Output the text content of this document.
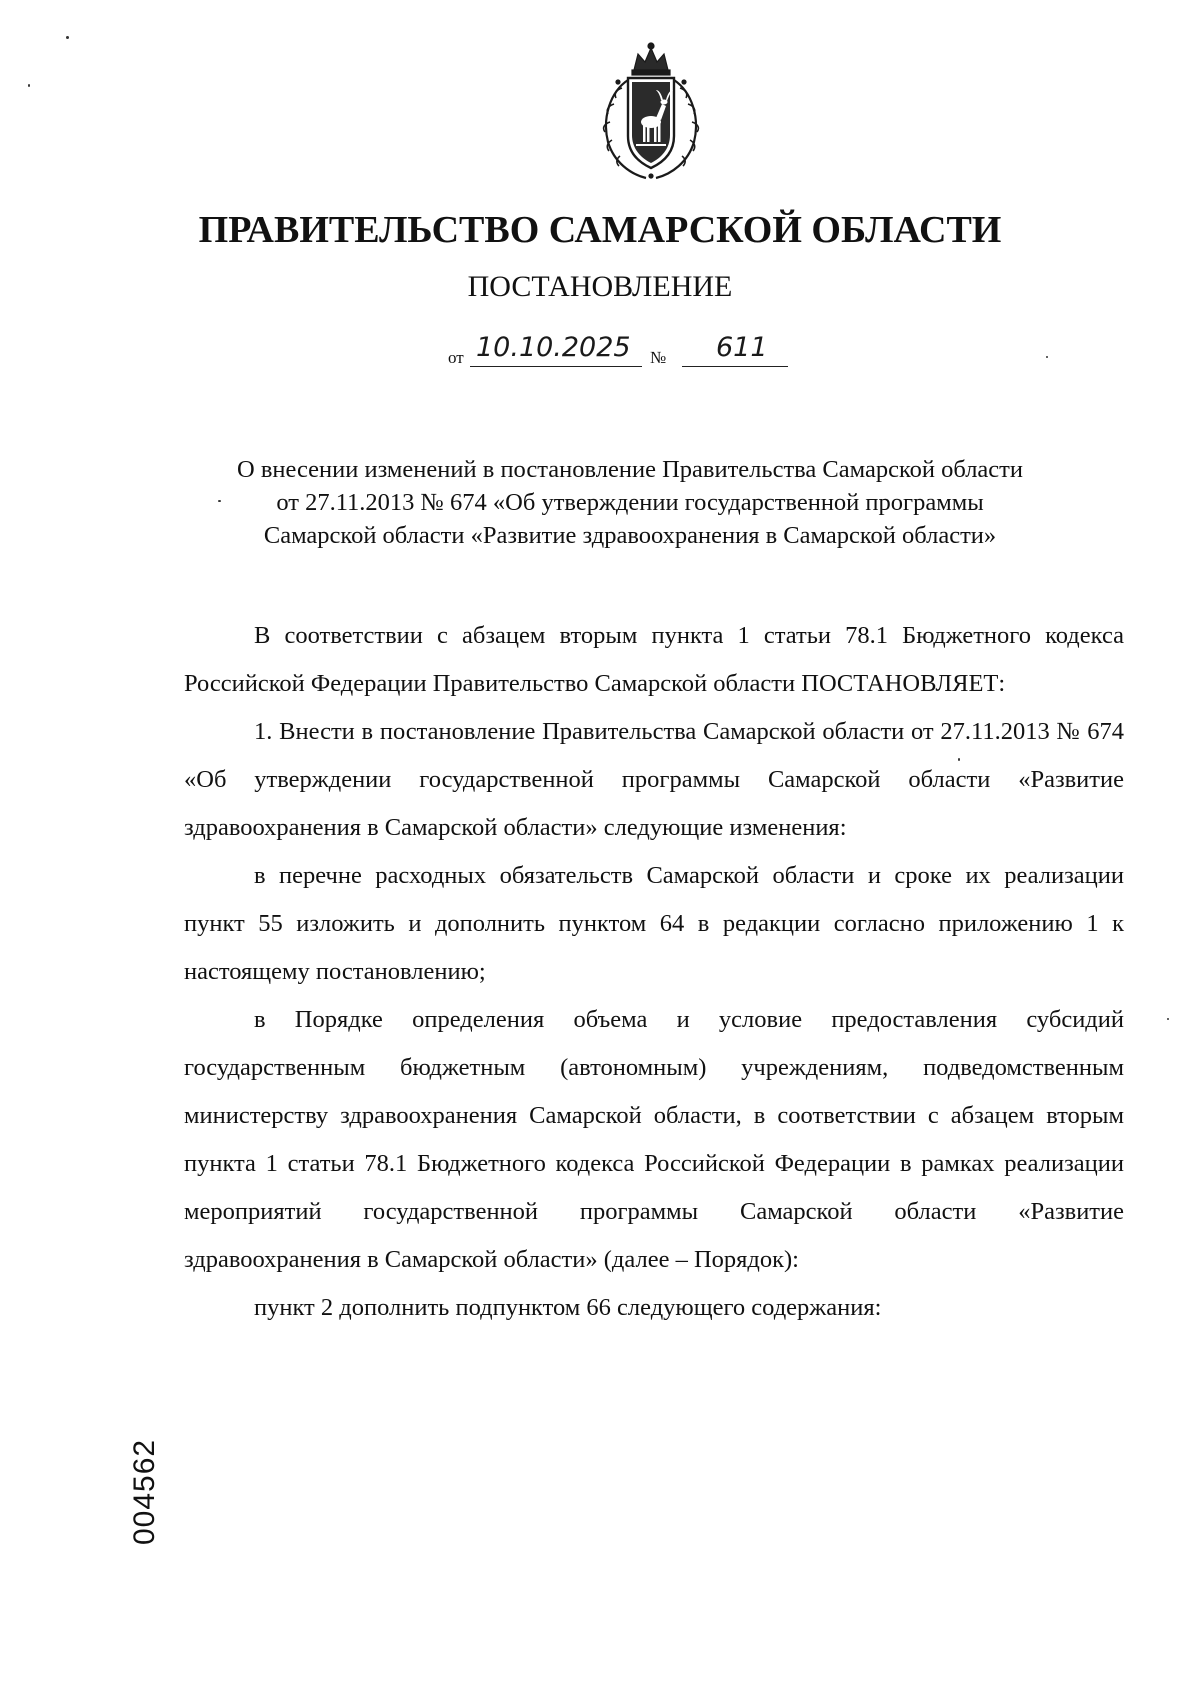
ПРАВИТЕЛЬСТВО САМАРСКОЙ ОБЛАСТИ
ПОСТАНОВЛЕНИЕ
от 10.10.2025 № 611
О внесении изменений в постановление Правительства Самарской области
от 27.11.2013 № 674 «Об утверждении государственной программы
Самарской области «Развитие здравоохранения в Самарской области»

В соответствии с абзацем вторым пункта 1 статьи 78.1 Бюджетного кодекса Российской Федерации Правительство Самарской области ПОСТАНОВЛЯЕТ:

1. Внести в постановление Правительства Самарской области от 27.11.2013 № 674 «Об утверждении государственной программы Самарской области «Развитие здравоохранения в Самарской области» следующие изменения:

в перечне расходных обязательств Самарской области и сроке их реализации пункт 55 изложить и дополнить пунктом 64 в редакции согласно приложению 1 к настоящему постановлению;

в Порядке определения объема и условие предоставления субсидий государственным бюджетным (автономным) учреждениям, подведомственным министерству здравоохранения Самарской области, в соответствии с абзацем вторым пункта 1 статьи 78.1 Бюджетного кодекса Российской Федерации в рамках реализации мероприятий государственной программы Самарской области «Развитие здравоохранения в Самарской области» (далее – Порядок):

пункт 2 дополнить подпунктом 66 следующего содержания:

004562
